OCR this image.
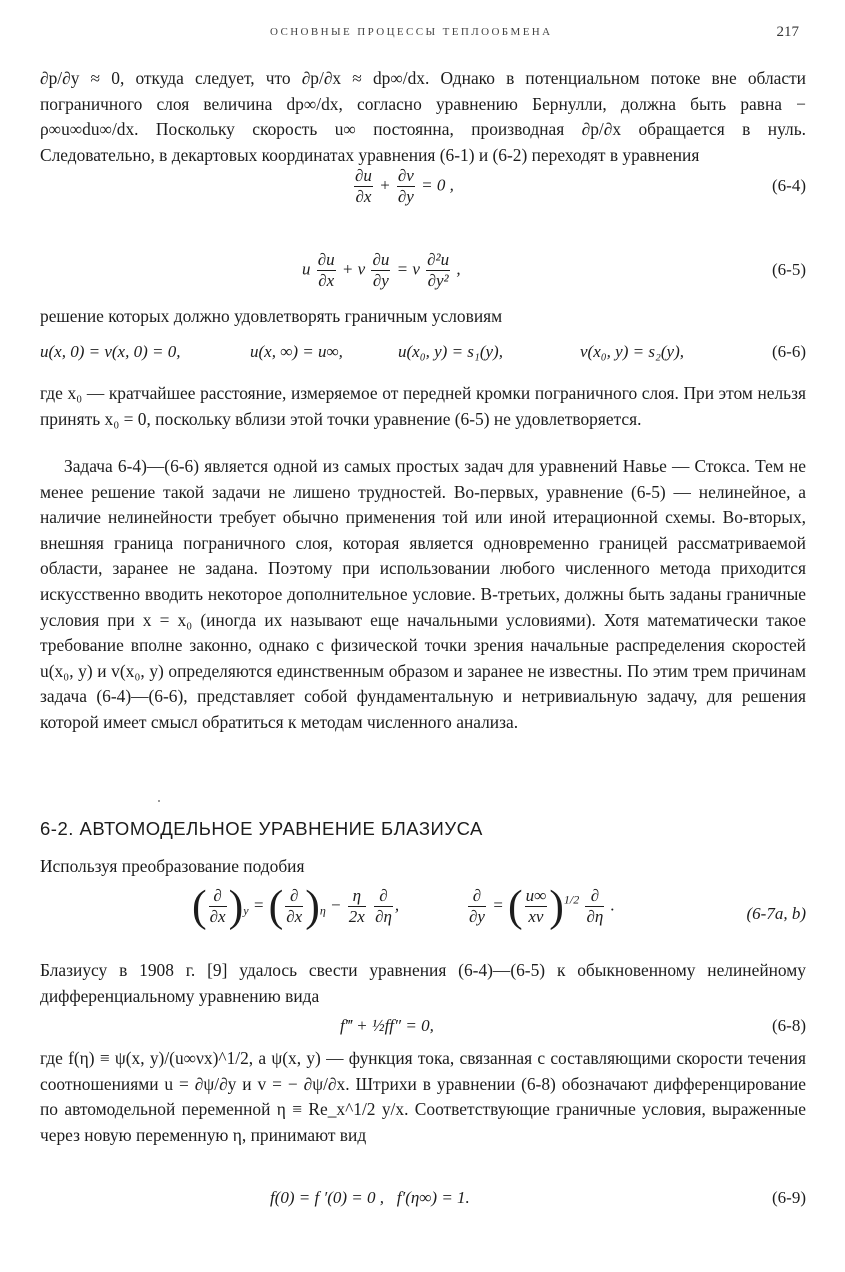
ОСНОВНЫЕ ПРОЦЕССЫ ТЕПЛООБМЕНА	217

∂p/∂y ≈ 0, откуда следует, что ∂p/∂x ≈ dp∞/dx. Однако в потенциальном потоке вне области пограничного слоя величина dp∞/dx, согласно уравнению Бернулли, должна быть равна − ρ∞u∞du∞/dx. Поскольку скорость u∞ постоянна, производная ∂p/∂x обращается в нуль. Следовательно, в декартовых координатах уравнения (6-1) и (6-2) переходят в уравнения

$\frac{\partial u}{\partial x} + \frac{\partial v}{\partial y} = 0$ ,	(6-4)
u $\frac{\partial u}{\partial x} + v \frac{\partial u}{\partial y} = \nu \frac{\text{∂²u}}{\text{∂y²}}$ ,	(6-5)

решение которых должно удовлетворять граничным условиям

u(x, 0) = v(x, 0) = 0,	u(x, ∞) = u∞,	u(x₀, y) = s₁(y),	v(x₀, y) = s₂(y),	(6-6)

где x₀ — кратчайшее расстояние, измеряемое от передней кромки пограничного слоя. При этом нельзя принять x₀ = 0, поскольку вблизи этой точки уравнение (6-5) не удовлетворяется.

Задача 6-4)—(6-6) является одной из самых простых задач для уравнений Навье — Стокса. Тем не менее решение такой задачи не лишено трудностей. Во-первых, уравнение (6-5) — нелинейное, а наличие нелинейности требует обычно применения той или иной итерационной схемы. Во-вторых, внешняя граница пограничного слоя, которая является одновременно границей рассматриваемой области, заранее не задана. Поэтому при использовании любого численного метода приходится искусственно вводить некоторое дополнительное условие. В-третьих, должны быть заданы граничные условия при x = x₀ (иногда их называют еще начальными условиями). Хотя математически такое требование вполне законно, однако с физической точки зрения начальные распределения скоростей u(x₀, y) и v(x₀, y) определяются единственным образом и заранее не известны. По этим трем причинам задача (6-4)—(6-6), представляет собой фундаментальную и нетривиальную задачу, для решения которой имеет смысл обратиться к методам численного анализа.

6-2. АВТОМОДЕЛЬНОЕ УРАВНЕНИЕ БЛАЗИУСА

Используя преобразование подобия

( $\frac{\partial}{\partial x} )_y$ = ( $\frac{\partial}{\partial x} )_\eta - \frac{\eta}{2x}$
$\frac{\partial}{\partial\eta}$ ,	$\frac{\partial}{\partial y}$ = ( $\frac{u\infty}{x\nu} )^{1/2} \frac{\partial}{\partial\eta}$ .	(6-7a, b)

Блазиусу в 1908 г. [9] удалось свести уравнения (6-4)—(6-5) к обыкновенному нелинейному дифференциальному уравнению вида

f‴ + ½ff″ = 0,	(6-8)

где f(η) ≡ ψ(x, y)/(u∞νx)^1/2, а ψ(x, y) — функция тока, связанная с составляющими скорости течения соотношениями u = ∂ψ/∂y и v = − ∂ψ/∂x. Штрихи в уравнении (6-8) обозначают дифференцирование по автомодельной переменной η ≡ Re_x^1/2 y/x. Соответствующие граничные условия, выраженные через новую переменную η, принимают вид

f(0) = f ′(0) = 0 ,   f′(η∞) = 1.	(6-9)
